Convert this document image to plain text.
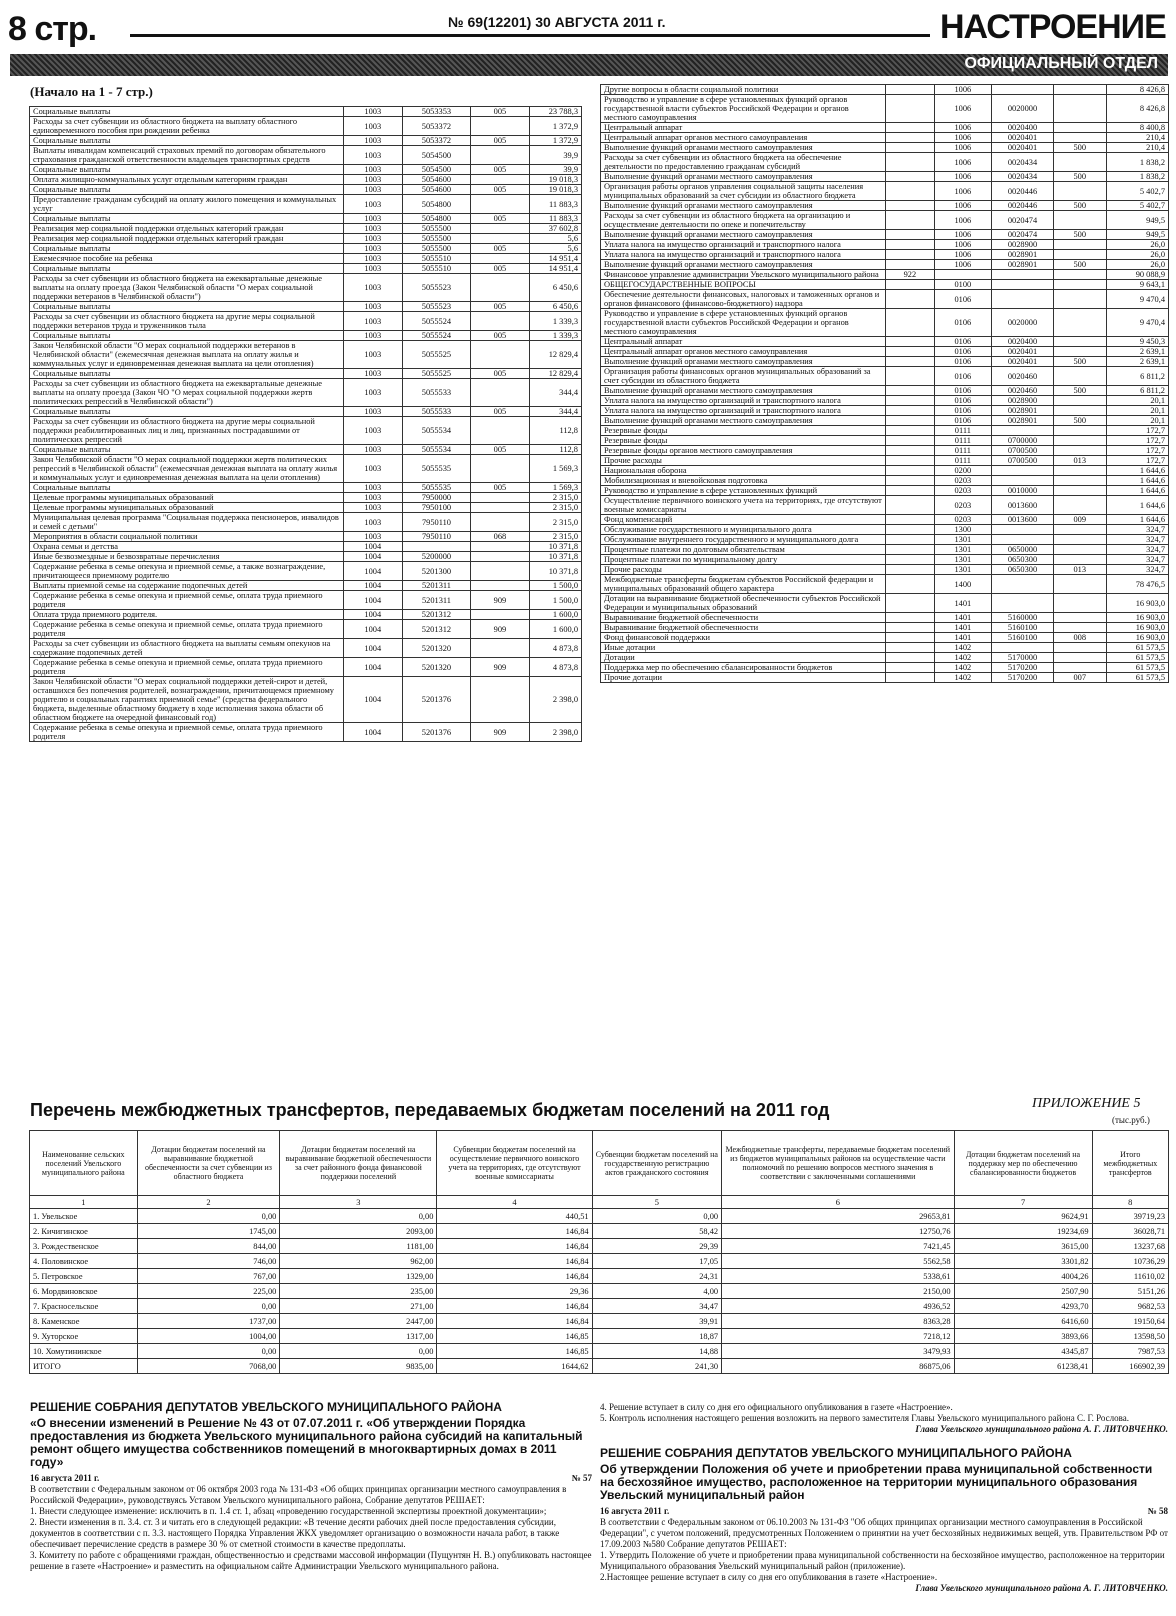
8 стр.	№ 69(12201) 30 АВГУСТА 2011 г.	НАСТРОЕНИЕ
ОФИЦИАЛЬНЫЙ ОТДЕЛ
(Начало на 1 - 7 стр.)
Социальные выплаты	1003	5053353	005	23 788,3
Расходы за счет субвенции из областного бюджета на выплату областного единовременного пособия при рождении ребенка	1003	5053372		1 372,9
Социальные выплаты	1003	5053372	005	1 372,9
Выплаты инвалидам компенсаций страховых премий по договорам обязательного страхования гражданской ответственности владельцев транспортных средств	1003	5054500		39,9
Социальные выплаты	1003	5054500	005	39,9
Оплата жилищно-коммунальных услуг отдельным категориям граждан	1003	5054600		19 018,3
Социальные выплаты	1003	5054600	005	19 018,3
Предоставление гражданам субсидий на оплату жилого помещения и коммунальных услуг	1003	5054800		11 883,3
Социальные выплаты	1003	5054800	005	11 883,3
Реализация мер социальной поддержки отдельных категорий граждан	1003	5055500		37 602,8
Реализация мер социальной поддержки отдельных категорий граждан	1003	5055500		5,6
Социальные выплаты	1003	5055500	005	5,6
Ежемесячное пособие на ребенка	1003	5055510		14 951,4
Социальные выплаты	1003	5055510	005	14 951,4
Расходы за счет субвенции из областного бюджета на ежеквартальные денежные выплаты на оплату проезда (Закон Челябинской области "О мерах социальной поддержки ветеранов в Челябинской области")	1003	5055523		6 450,6
Социальные выплаты	1003	5055523	005	6 450,6
Расходы за счет субвенции из областного бюджета на другие меры социальной поддержки ветеранов труда и труженников тыла	1003	5055524		1 339,3
Социальные выплаты	1003	5055524	005	1 339,3
Закон Челябинской области "О мерах социальной поддержки ветеранов в Челябинской области" (ежемесячная денежная выплата на оплату жилья и коммунальных услуг и единовременная денежная выплата на цели отопления)	1003	5055525		12 829,4
Социальные выплаты	1003	5055525	005	12 829,4
Расходы за счет субвенции из областного бюджета на ежеквартальные денежные выплаты на оплату проезда (Закон ЧО "О мерах социальной поддержки жертв политических репрессий в Челябинской области")	1003	5055533		344,4
Социальные выплаты	1003	5055533	005	344,4
Расходы за счет субвенции из областного бюджета на другие меры социальной поддержки реабилитированных лиц и лиц, признанных пострадавшими от политических репрессий	1003	5055534		112,8
Социальные выплаты	1003	5055534	005	112,8
Закон Челябинской области "О мерах социальной поддержки жертв политических репрессий в Челябинской области" (ежемесячная денежная выплата на оплату жилья и коммунальных услуг и единовременная денежная выплата на цели отопления)	1003	5055535		1 569,3
Социальные выплаты	1003	5055535	005	1 569,3
Целевые программы муниципальных образований	1003	7950000		2 315,0
Целевые программы муниципальных образований	1003	7950100		2 315,0
Муниципальная целевая программа "Социальная поддержка пенсионеров, инвалидов и семей с детьми"	1003	7950110		2 315,0
Мероприятия в области социальной политики	1003	7950110	068	2 315,0
Охрана семьи и детства	1004			10 371,8
Иные безвозмездные и безвозвратные перечисления	1004	5200000		10 371,8
Содержание ребенка в семье опекуна и приемной семье, а также вознаграждение, причитающееся приемному родителю	1004	5201300		10 371,8
Выплаты приемной семье на содержание подопечных детей	1004	5201311		1 500,0
Содержание ребенка в семье опекуна и приемной семье, оплата труда приемного родителя	1004	5201311	909	1 500,0
Оплата труда приемного родителя.	1004	5201312		1 600,0
Содержание ребенка в семье опекуна и приемной семье, оплата труда приемного родителя	1004	5201312	909	1 600,0
Расходы за счет субвенции из областного бюджета на выплаты семьям опекунов на содержание подопечных детей	1004	5201320		4 873,8
Содержание ребенка в семье опекуна и приемной семье, оплата труда приемного родителя	1004	5201320	909	4 873,8
Закон Челябинской области "О мерах социальной поддержки детей-сирот и детей, оставшихся без попечения родителей, вознаграждении, причитающемся приемному родителю и социальных гарантиях приемной семье" (средства федерального бюджета, выделенные областному бюджету в ходе исполнения закона области об областном бюджете на очередной финансовый год)	1004	5201376		2 398,0
Содержание ребенка в семье опекуна и приемной семье, оплата труда приемного родителя	1004	5201376	909	2 398,0
Другие вопросы в области социальной политики		1006			8 426,8
Руководство и управление в сфере установленных функций органов государственной власти субъектов Российской Федерации и органов местного самоуправления		1006	0020000		8 426,8
Центральный аппарат		1006	0020400		8 400,8
Центральный аппарат органов местного самоуправления		1006	0020401		210,4
Выполнение функций органами местного самоуправления		1006	0020401	500	210,4
Расходы за счет субвенции из областного бюджета на обеспечение деятельности по предоставлению гражданам субсидий		1006	0020434		1 838,2
Выполнение функций органами местного самоуправления		1006	0020434	500	1 838,2
Организация работы органов управления социальной защиты населения муниципальных образований за счет субсидии из областного бюджета		1006	0020446		5 402,7
Выполнение функций органами местного самоуправления		1006	0020446	500	5 402,7
Расходы за счет субвенции из областного бюджета на организацию и осуществление деятельности по опеке и попечительству		1006	0020474		949,5
Выполнение функций органами местного самоуправления		1006	0020474	500	949,5
Уплата налога на имущество организаций и транспортного налога		1006	0028900		26,0
Уплата налога на имущество организаций и транспортного налога		1006	0028901		26,0
Выполнение функций органами местного самоуправления		1006	0028901	500	26,0
Финансовое управление администрации Увельского муниципального района	922				90 088,9
ОБЩЕГОСУДАРСТВЕННЫЕ ВОПРОСЫ		0100			9 643,1
Обеспечение деятельности финансовых, налоговых и таможенных органов и органов финансового (финансово-бюджетного) надзора		0106			9 470,4
Руководство и управление в сфере установленных функций органов государственной власти субъектов Российской Федерации и органов местного самоуправления		0106	0020000		9 470,4
Центральный аппарат		0106	0020400		9 450,3
Центральный аппарат органов местного самоуправления		0106	0020401		2 639,1
Выполнение функций органами местного самоуправления		0106	0020401	500	2 639,1
Организация работы финансовых органов муниципальных образований за счет субсидии из областного бюджета		0106	0020460		6 811,2
Выполнение функций органами местного самоуправления		0106	0020460	500	6 811,2
Уплата налога на имущество организаций и транспортного налога		0106	0028900		20,1
Уплата налога на имущество организаций и транспортного налога		0106	0028901		20,1
Выполнение функций органами местного самоуправления		0106	0028901	500	20,1
Резервные фонды		0111			172,7
Резервные фонды		0111	0700000		172,7
Резервные фонды органов местного самоуправления		0111	0700500		172,7
Прочие расходы		0111	0700500	013	172,7
Национальная оборона		0200			1 644,6
Мобилизационная и вневойсковая подготовка		0203			1 644,6
Руководство и управление в сфере установленных функций		0203	0010000		1 644,6
Осуществление первичного воинского учета на территориях, где отсутствуют военные комиссариаты		0203	0013600		1 644,6
Фонд компенсаций		0203	0013600	009	1 644,6
Обслуживание государственного и муниципального долга		1300			324,7
Обслуживание внутреннего государственного и муниципального долга		1301			324,7
Процентные платежи по долговым обязательствам		1301	0650000		324,7
Процентные платежи по муниципальному долгу		1301	0650300		324,7
Прочие расходы		1301	0650300	013	324,7
Межбюджетные трансферты бюджетам субъектов Российской федерации и муниципальных образований общего характера		1400			78 476,5
Дотации на выравнивание бюджетной обеспеченности субъектов Российской Федерации и муниципальных образований		1401			16 903,0
Выравнивание бюджетной обеспеченности		1401	5160000		16 903,0
Выравнивание бюджетной обеспеченности		1401	5160100		16 903,0
Фонд финансовой поддержки		1401	5160100	008	16 903,0
Иные дотации		1402			61 573,5
Дотации		1402	5170000		61 573,5
Поддержка мер по обеспечению сбалансированности бюджетов		1402	5170200		61 573,5
Прочие дотации		1402	5170200	007	61 573,5
Перечень межбюджетных трансфертов, передаваемых бюджетам поселений на 2011 год	ПРИЛОЖЕНИЕ 5
(тыс.руб.)
Наименование сельских поселений Увельского муниципального района	Дотации бюджетам поселений на выравнивание бюджетной обеспеченности за счет субвенции из областного бюджета	Дотации бюджетам поселений на выравнивание бюджетной обеспеченности за счет районного фонда финансовой поддержки поселений	Субвенции бюджетам поселений на осуществление первичного воинского учета на территориях, где отсутствуют военные комиссариаты	Субвенции бюджетам поселений на государственную регистрацию актов гражданского состояния	Межбюджетные трансферты, передаваемые бюджетам поселений из бюджетов муниципальных районов на осуществление части полномочий по решению вопросов местного значения в соответствии с заключенными соглашениями	Дотации бюджетам поселений на поддержку мер по обеспечению сбалансированности бюджетов	Итого межбюджетных трансфертов
1	2	3	4	5	6	7	8
1. Увельское	0,00	0,00	440,51	0,00	29653,81	9624,91	39719,23
2. Кичигинское	1745,00	2093,00	146,84	58,42	12750,76	19234,69	36028,71
3. Рождественское	844,00	1181,00	146,84	29,39	7421,45	3615,00	13237,68
4. Половинское	746,00	962,00	146,84	17,05	5562,58	3301,82	10736,29
5. Петровское	767,00	1329,00	146,84	24,31	5338,61	4004,26	11610,02
6. Мордвиновское	225,00	235,00	29,36	4,00	2150,00	2507,90	5151,26
7. Красносельское	0,00	271,00	146,84	34,47	4936,52	4293,70	9682,53
8. Каменское	1737,00	2447,00	146,84	39,91	8363,28	6416,60	19150,64
9. Хуторское	1004,00	1317,00	146,85	18,87	7218,12	3893,66	13598,50
10. Хомутининское	0,00	0,00	146,85	14,88	3479,93	4345,87	7987,53
ИТОГО	7068,00	9835,00	1644,62	241,30	86875,06	61238,41	166902,39
РЕШЕНИЕ СОБРАНИЯ ДЕПУТАТОВ УВЕЛЬСКОГО МУНИЦИПАЛЬНОГО РАЙОНА
«О внесении изменений в Решение № 43 от 07.07.2011 г. «Об утверждении Порядка предоставления из бюджета Увельского муниципального района субсидий на капитальный ремонт общего имущества собственников помещений в многоквартирных домах в 2011 году»
16 августа 2011 г.	№ 57
В соответствии с Федеральным законом от 06 октября 2003 года № 131-ФЗ «Об общих принципах организации местного самоуправления в Российской Федерации», руководствуясь Уставом Увельского муниципального района, Собрание депутатов РЕШАЕТ:
1. Внести следующее изменение: исключить в п. 1.4 ст. 1, абзац «проведению государственной экспертизы проектной документации»;
2. Внести изменения в п. 3.4. ст. 3 и читать его в следующей редакции: «В течение десяти рабочих дней после предоставления субсидии, документов в соответствии с п. 3.3. настоящего Порядка Управления ЖКХ уведомляет организацию о возможности начала работ, в также обеспечивает перечисление средств в размере 30 % от сметной стоимости в качестве предоплаты.
3. Комитету по работе с обращениями граждан, общественностью и средствами массовой информации (Пущунтян Н. В.) опубликовать настоящее решение в газете «Настроение» и разместить на официальном сайте Администрации Увельского муниципального района.
4. Решение вступает в силу со дня его официального опубликования в газете «Настроение».
5. Контроль исполнения настоящего решения возложить на первого заместителя Главы Увельского муниципального района С. Г. Рослова.
Глава Увельского муниципального района А. Г. ЛИТОВЧЕНКО.
РЕШЕНИЕ СОБРАНИЯ ДЕПУТАТОВ УВЕЛЬСКОГО МУНИЦИПАЛЬНОГО РАЙОНА
Об утверждении Положения об учете и приобретении права муниципальной собственности на бесхозяйное имущество, расположенное на территории муниципального образования Увельский муниципальный район
16 августа 2011 г.	№ 58
В соответствии с Федеральным законом от 06.10.2003 № 131-ФЗ "Об общих принципах организации местного самоуправления в Российской Федерации", с учетом положений, предусмотренных Положением о принятии на учет бесхозяйных недвижимых вещей, утв. Правительством РФ от 17.09.2003 №580 Собрание депутатов РЕШАЕТ:
1. Утвердить Положение об учете и приобретении права муниципальной собственности на бесхозяйное имущество, расположенное на территории Муниципального образования Увельский муниципальный район (приложение).
2.Настоящее решение вступает в силу со дня его опубликования в газете «Настроение».
Глава Увельского муниципального района А. Г. ЛИТОВЧЕНКО.
